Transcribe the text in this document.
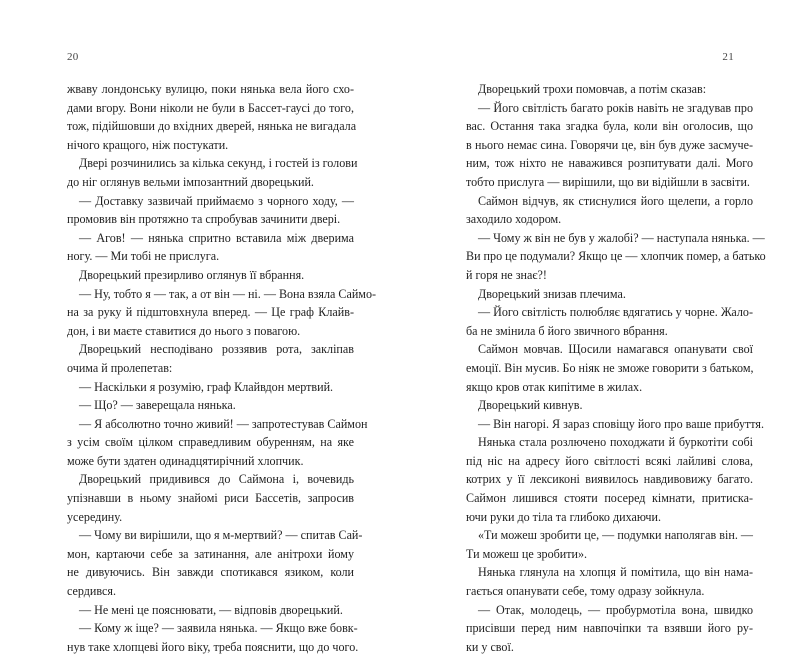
20
жваву лондонську вулицю, поки нянька вела його схо-
дами вгору. Вони ніколи не були в Бассет-гаусі до того,
тож, підійшовши до вхідних дверей, нянька не вигадала
нічого кращого, ніж постукати.
Двері розчинились за кілька секунд, і гостей із голови
до ніг оглянув вельми імпозантний дворецький.
— Доставку зазвичай приймаємо з чорного ходу, —
промовив він протяжно та спробував зачинити двері.
— Агов! — нянька спритно вставила між дверима
ногу. — Ми тобі не прислуга.
Дворецький презирливо оглянув її вбрання.
— Ну, тобто я — так, а от він — ні. — Вона взяла Саймо-
на за руку й підштовхнула вперед. — Це граф Клайв-
дон, і ви маєте ставитися до нього з повагою.
Дворецький несподівано роззявив рота, закліпав
очима й пролепетав:
— Наскільки я розумію, граф Клайвдон мертвий.
— Що? — заверещала нянька.
— Я абсолютно точно живий! — запротестував Саймон
з усім своїм цілком справедливим обуренням, на яке
може бути здатен одинадцятирічний хлопчик.
Дворецький придивився до Саймона і, вочевидь
упізнавши в ньому знайомі риси Бассетів, запросив
усередину.
— Чому ви вирішили, що я м-мертвий? — спитав Сай-
мон, картаючи себе за затинання, але анітрохи йому
не дивуючись. Він завжди спотикався язиком, коли
сердився.
— Не мені це пояснювати, — відповів дворецький.
— Кому ж іще? — заявила нянька. — Якщо вже бовк-
нув таке хлопцеві його віку, треба пояснити, що до чого.
21
Дворецький трохи помовчав, а потім сказав:
— Його світлість багато років навіть не згадував про
вас. Остання така згадка була, коли він оголосив, що
в нього немає сина. Говорячи це, він був дуже засмуче-
ним, тож ніхто не наважився розпитувати далі. Мого
тобто прислуга — вирішили, що ви відійшли в засвіти.
Саймон відчув, як стиснулися його щелепи, а горло
заходило ходором.
— Чому ж він не був у жалобі? — наступала нянька. —
Ви про це подумали? Якщо це — хлопчик помер, а батько
й горя не знає?!
Дворецький знизав плечима.
— Його світлість полюбляє вдягатись у чорне. Жало-
ба не змінила б його звичного вбрання.
Саймон мовчав. Щосили намагався опанувати свої
емоції. Він мусив. Бо ніяк не зможе говорити з батьком,
якщо кров отак кипітиме в жилах.
Дворецький кивнув.
— Він нагорі. Я зараз сповіщу його про ваше прибуття.
Нянька стала розлючено походжати й буркотіти собі
під ніс на адресу його світлості всякі лайливі слова,
котрих у її лексиконі виявилось навдивовижу багато.
Саймон лишився стояти посеред кімнати, притиска-
ючи руки до тіла та глибоко дихаючи.
«Ти можеш зробити це, — подумки наполягав він. —
Ти можеш це зробити».
Нянька глянула на хлопця й помітила, що він нама-
гається опанувати себе, тому одразу зойкнула.
— Отак, молодець, — пробурмотіла вона, швидко
присівши перед ним навпочіпки та взявши його ру-
ки у свої.
